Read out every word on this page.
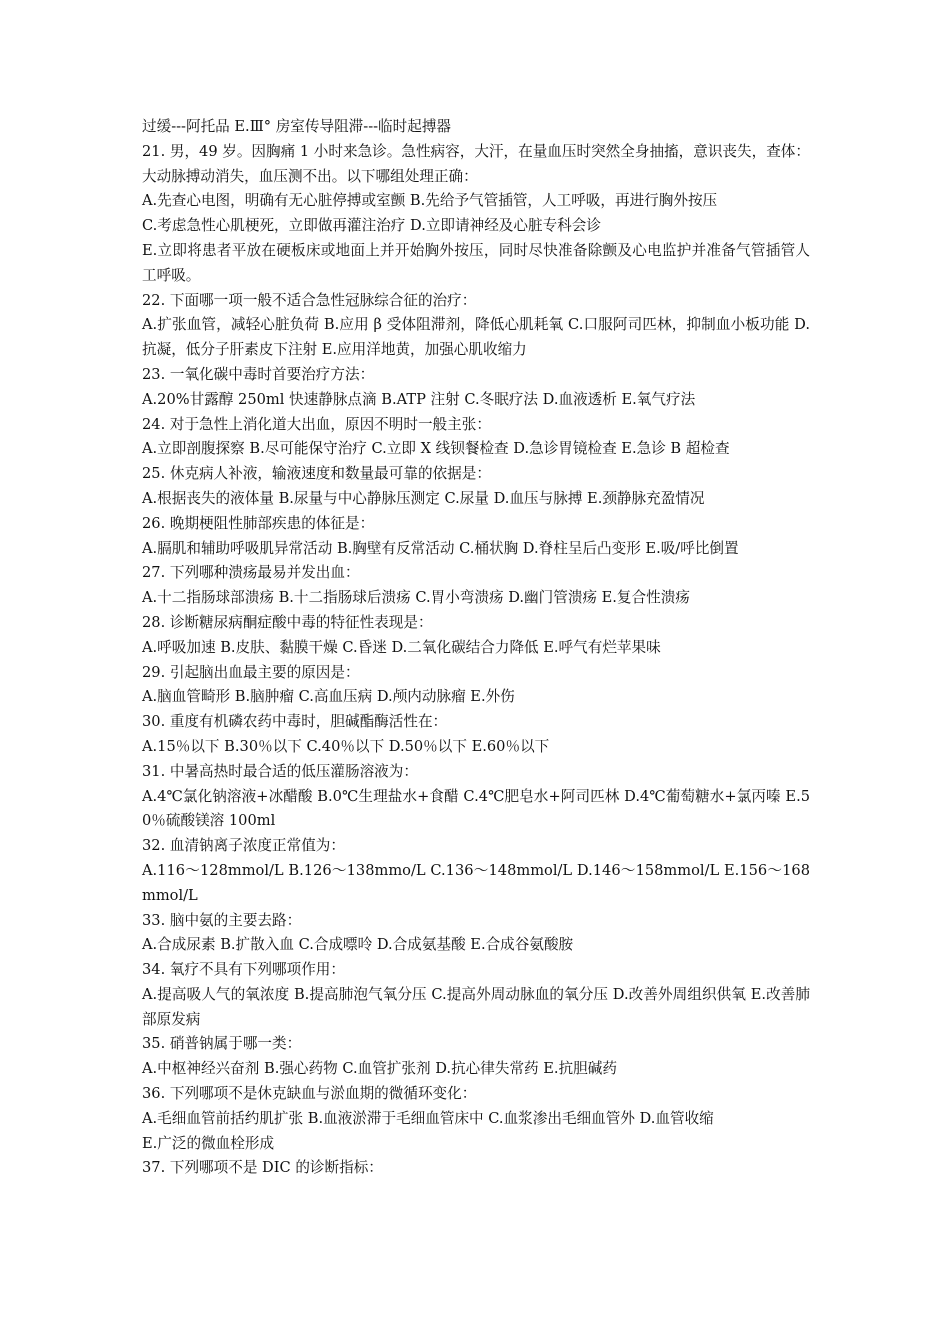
过缓---阿托品 E.Ⅲ° 房室传导阻滞---临时起搏器

21. 男，49 岁。因胸痛 1 小时来急诊。急性病容，大汗，在量血压时突然全身抽搐，意识丧失，查体：大动脉搏动消失，血压测不出。以下哪组处理正确：

A.先查心电图，明确有无心脏停搏或室颤 B.先给予气管插管，人工呼吸，再进行胸外按压

C.考虑急性心肌梗死，立即做再灌注治疗 D.立即请神经及心脏专科会诊

E.立即将患者平放在硬板床或地面上并开始胸外按压，同时尽快准备除颤及心电监护并准备气管插管人工呼吸。

22. 下面哪一项一般不适合急性冠脉综合征的治疗：

A.扩张血管，减轻心脏负荷 B.应用 β 受体阻滞剂，降低心肌耗氧 C.口服阿司匹林，抑制血小板功能 D.抗凝，低分子肝素皮下注射 E.应用洋地黄，加强心肌收缩力

23. 一氧化碳中毒时首要治疗方法：

A.20%甘露醇 250ml 快速静脉点滴 B.ATP 注射 C.冬眠疗法 D.血液透析 E.氧气疗法

24. 对于急性上消化道大出血，原因不明时一般主张：

A.立即剖腹探察 B.尽可能保守治疗 C.立即 X 线钡餐检查 D.急诊胃镜检查 E.急诊 B 超检查

25. 休克病人补液，输液速度和数量最可靠的依据是：

A.根据丧失的液体量 B.尿量与中心静脉压测定 C.尿量 D.血压与脉搏 E.颈静脉充盈情况

26. 晚期梗阻性肺部疾患的体征是：

A.膈肌和辅助呼吸肌异常活动 B.胸壁有反常活动 C.桶状胸 D.脊柱呈后凸变形 E.吸/呼比倒置

27. 下列哪种溃疡最易并发出血：

A.十二指肠球部溃疡 B.十二指肠球后溃疡 C.胃小弯溃疡 D.幽门管溃疡 E.复合性溃疡

28. 诊断糖尿病酮症酸中毒的特征性表现是：

A.呼吸加速 B.皮肤、黏膜干燥 C.昏迷 D.二氧化碳结合力降低 E.呼气有烂苹果味

29. 引起脑出血最主要的原因是：

A.脑血管畸形 B.脑肿瘤 C.高血压病 D.颅内动脉瘤 E.外伤

30. 重度有机磷农药中毒时，胆碱酯酶活性在：

A.15％以下 B.30％以下 C.40％以下 D.50％以下 E.60％以下

31. 中暑高热时最合适的低压灌肠溶液为：

A.4℃氯化钠溶液+冰醋酸 B.0℃生理盐水+食醋 C.4℃肥皂水+阿司匹林 D.4℃葡萄糖水+氯丙嗪 E.50％硫酸镁溶 100ml

32. 血清钠离子浓度正常值为：

A.116～128mmol/L B.126～138mmo/L C.136～148mmol/L D.146～158mmol/L E.156～168mmol/L

33. 脑中氨的主要去路：

A.合成尿素 B.扩散入血 C.合成嘌呤 D.合成氨基酸 E.合成谷氨酸胺

34. 氧疗不具有下列哪项作用：

A.提高吸人气的氧浓度 B.提高肺泡气氧分压 C.提高外周动脉血的氧分压 D.改善外周组织供氧 E.改善肺部原发病

35. 硝普钠属于哪一类：

A.中枢神经兴奋剂 B.强心药物 C.血管扩张剂 D.抗心律失常药 E.抗胆碱药

36. 下列哪项不是休克缺血与淤血期的微循环变化：

A.毛细血管前括约肌扩张 B.血液淤滞于毛细血管床中 C.血浆渗出毛细血管外 D.血管收缩

E.广泛的微血栓形成

37. 下列哪项不是 DIC 的诊断指标：
